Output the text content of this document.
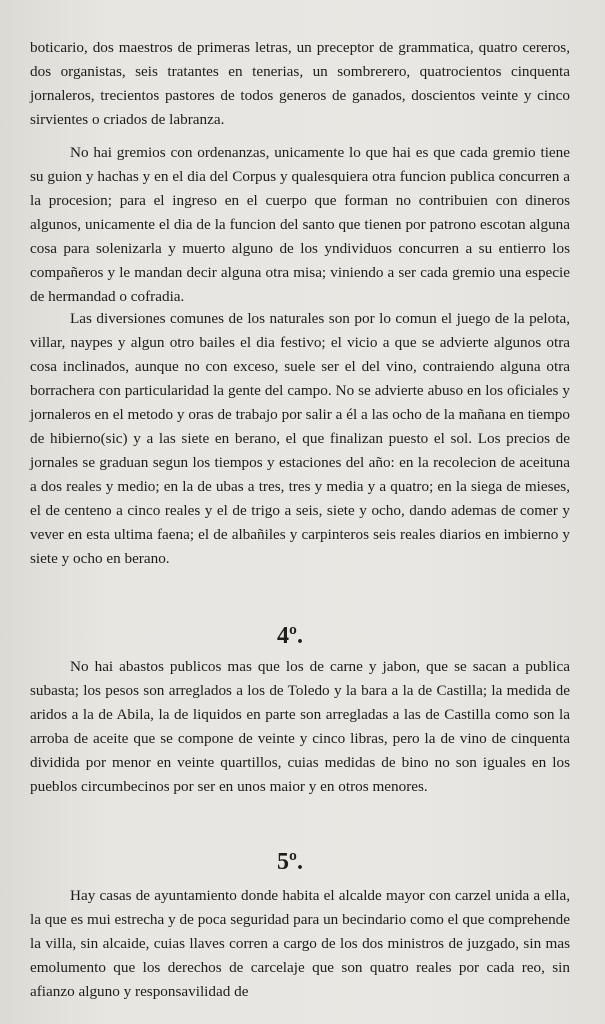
boticario, dos maestros de primeras letras, un preceptor de grammatica, quatro cereros, dos organistas, seis tratantes en tenerias, un sombrerero, quatrocientos cinquenta jornaleros, trecientos pastores de todos generos de ganados, doscientos veinte y cinco sirvientes o criados de labranza.

No hai gremios con ordenanzas, unicamente lo que hai es que cada gremio tiene su guion y hachas y en el dia del Corpus y qualesquiera otra funcion publica concurren a la procesion; para el ingreso en el cuerpo que forman no contribuien con dineros algunos, unicamente el dia de la funcion del santo que tienen por patrono escotan alguna cosa para solenizarla y muerto alguno de los yndividuos concurren a su entierro los compañeros y le mandan decir alguna otra misa; viniendo a ser cada gremio una especie de hermandad o cofradia.

Las diversiones comunes de los naturales son por lo comun el juego de la pelota, villar, naypes y algun otro bailes el dia festivo; el vicio a que se advierte algunos otra cosa inclinados, aunque no con exceso, suele ser el del vino, contraiendo alguna otra borrachera con particularidad la gente del campo. No se advierte abuso en los oficiales y jornaleros en el metodo y oras de trabajo por salir a él a las ocho de la mañana en tiempo de hibierno(sic) y a las siete en berano, el que finalizan puesto el sol. Los precios de jornales se graduan segun los tiempos y estaciones del año: en la recolecion de aceituna a dos reales y medio; en la de ubas a tres, tres y media y a quatro; en la siega de mieses, el de centeno a cinco reales y el de trigo a seis, siete y ocho, dando ademas de comer y vever en esta ultima faena; el de albañiles y carpinteros seis reales diarios en imbierno y siete y ocho en berano.

4º.

No hai abastos publicos mas que los de carne y jabon, que se sacan a publica subasta; los pesos son arreglados a los de Toledo y la bara a la de Castilla; la medida de aridos a la de Abila, la de liquidos en parte son arregladas a las de Castilla como son la arroba de aceite que se compone de veinte y cinco libras, pero la de vino de cinquenta dividida por menor en veinte quartillos, cuias medidas de bino no son iguales en los pueblos circumbecinos por ser en unos maior y en otros menores.

5º.

Hay casas de ayuntamiento donde habita el alcalde mayor con carzel unida a ella, la que es mui estrecha y de poca seguridad para un becindario como el que comprehende la villa, sin alcaide, cuias llaves corren a cargo de los dos ministros de juzgado, sin mas emolumento que los derechos de carcelaje que son quatro reales por cada reo, sin afianzo alguno y responsavilidad de
